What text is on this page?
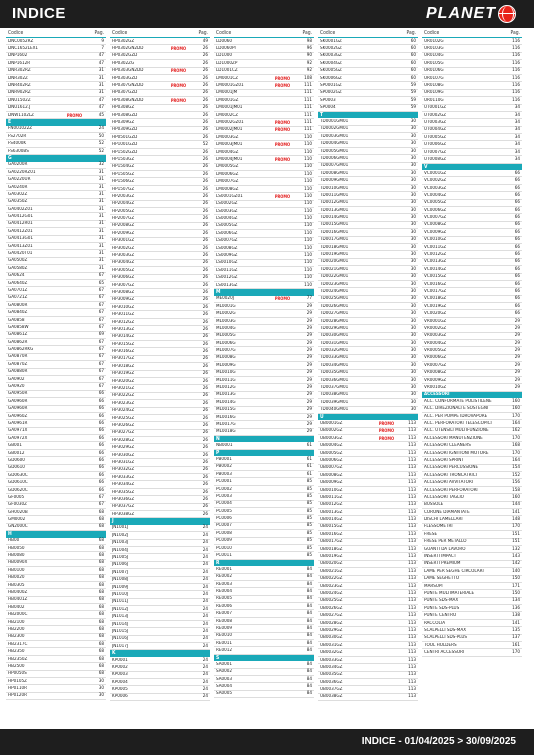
INDICE	PLANET
Codice	Pag.
DNC0052RZ	9
DNC1652LEX1	7
DNP1602	47
DNP1612R	47
DNR302RZ	31
DNR302Z	31
DNR402RZ	31
DNR902RZ	31
DNU1502Z	47
DNU1612.J	47
DNW1102LZ	PROMO	45
E
FN001022Z	24
FS2702R	50
FS4000K	52
FS6300BS	52
G
GA0200R	32
GA0220RZ01	31
GA0220UR	31
GA0240R	31
GA0302Z	31
GA0350Z	31
GA0402Z01	31
GA0412G01	31
GA0412R01	31
GA0412Z01	31
GA0413G01	31
GA0413Z01	31
GA0420T01	31
GA0500Z	31
GA0580Z	31
GA0624	67
GA0640Z	65
GA0701Z	67
GA0721Z	67
GA0800R	67
GA0840Z	67
GA0858	67
GA0858W	67
GA0861Z	69
GA0862R	67
GA0862RKG	67
GA0870R	67
GA0870Z	67
GA0880R	67
GA0902	67
GA0920	67
GA0950R	66
GA0960R	66
GA0960R	66
GA0960Z	66
GA0961R	66
GA0971X	66
GA0972X	66
GB001	66
GB0012	66
GD0600	66
GD0610	66
GD0630C	66
GD0610C	66
GD0620C	66
GF0005	67
GF0030Z	67
GH0020B	68
GM0002	68
GN2000C	68
H
HB00	68
HB0050	68
HB0080	68
HB0090X	68
HB0100	68
HB0020	68
HB0305	68
HB0400Z	68
HB0401Z	68
HB0402	68
HB2000C	68
HB2100	68
HB2200	68
HB2300	68
HB2317C	68
HB2350	68
HB2350Z	68
HB2500	68
HP0050S	68
HP0105Z	30
HP0110R	30
HP0120R	30
Codice	Pag.
HP0302GZ	49
HP0302GN2DD	PROMO	26
HP0302GZD	26
HP0302ZG	26
HP0303GN2DD	PROMO	26
HP0303GZD	26
HP0307GN2DD	PROMO	26
HP0307GZD	26
HP0308GN2DD	PROMO	26
HP0308GZ	26
HP0308GZD	26
HP0309GZ	26
HP0309GZD	26
HP0501GZD	26
HP1001GZD	52
HP1502GZD	26
HP1503GZ	26
HP1504GZ	26
HP1505GZ	26
HP1506GZ	26
HP1507GZ	26
HP2003GZ	26
HP2004GZ	26
HP2005GZ	26
HP2007GZ	26
HP2008GZ	26
HP2009GZ	26
HP3001GZ	26
HP3002GZ	26
HP3003GZ	26
HP3004GZ	26
HP3005GZ	26
HP3006GZ	26
HP3007GZ	26
HP3008GZ	26
HP3009GZ	26
HP3010GZ	26
HP3011GZ	26
HP3012GZ	26
HP3013GZ	26
HP3014GZ	26
HP3015GZ	26
HP3016GZ	26
HP3017GZ	26
HP3018GZ	26
HP3019GZ	26
HP3020GZ	26
HP3021GZ	26
HP3022GZ	26
HP3023GZ	26
HP3024GZ	26
HP3025GZ	26
HP3026GZ	26
HP3027GZ	26
HP3028GZ	26
HP3029GZ	26
HP3030GZ	26
HP3031GZ	26
HP3032GZ	26
HP3033GZ	26
HP3034GZ	26
HP3035GZ	26
HP3036GZ	26
HP3037GZ	26
HP3038GZ	26
J
JN1001J	24
JN1002J	24
JN1003J	24
JN1004J	24
JN1005J	24
JN1006J	24
JN1007J	24
JN1008J	24
JN1009J	24
JN1010J	24
JN1011J	24
JN1012J	24
JN1013J	24
JN1014J	24
JN1015J	24
JN1016J	24
JN1017J	24
K
KP0001	24
KP0002	24
KP0003	24
KP0004	24
KP0005	24
KP0006	24
Codice	Pag.
LD0060	98
LD0060PI	96
LD1000	90
LD1000ZP	92
LD1001CZ	92
LM0001CZ	PROMO	108
LM0001GZ01	PROMO	111
LM0001JM	111
LM0001GZ	111
LM0001JM01	111
LM0002CZ	111
LM0002GZ01	PROMO	111
LM0002JM01	PROMO	111
LM0003GZ	110
LM0003JM01	PROMO	110
LM0004GZ	110
LM0004JM01	PROMO	110
LM0005GZ	110
LM0006GZ	110
LM0007GZ	110
LM0008GZ	110
LS0001GZ01	PROMO	110
LS0002GZ	110
LS0003GZ	110
LS0004GZ	110
LS0005GZ	110
LS0006GZ	110
LS0007GZ	110
LS0008GZ	110
LS0009GZ	110
LS0010GZ	110
LS0011GZ	110
LS0012GZ	110
LS0013GZ	110
M
ME0020J	PROMO	77
ML0001G	29
ML0002G	29
ML0003G	29
ML0004G	29
ML0005G	29
ML0006G	29
ML0007G	29
ML0008G	29
ML0009G	29
ML0010G	29
ML0011G	29
ML0012G	29
ML0013G	29
ML0014G	29
ML0015G	29
ML0016G	29
ML0017G	29
ML0018G	29
N
NB0001	61
P
PB0001	61
PB0002	61
PB0003	61
PC0001	85
PC0002	85
PC0003	85
PC0004	85
PC0005	85
PC0006	85
PC0007	85
PC0008	85
PC0009	85
PC0010	85
PC0011	85
R
RE0001	84
RE0002	84
RE0003	84
RE0004	84
RE0005	84
RE0006	84
RE0007	84
RE0008	84
RE0009	84
RE0010	84
RE0011	84
RE0012	84
S
SA0001	84
SA0002	84
SA0003	84
SA0004	84
SA0005	84
Codice	Pag.
SK0001GZ	60
SK0002GZ	60
SK0003GZ	60
SK0004GZ	60
SK0005GZ	60
SK0006GZ	60
SP0001GZ	59
SP0002GZ	59
SP0003	59
SP0004	59
T
TD0001GM01	30
TD0002GM01	30
TD0003GM01	30
TD0004GM01	30
TD0005GM01	30
TD0006GM01	30
TD0007GM01	30
TD0008GM01	30
TD0009GM01	30
TD0010GM01	30
TD0011GM01	30
TD0012GM01	30
TD0013GM01	30
TD0014GM01	30
TD0015GM01	30
TD0016GM01	30
TD0017GM01	30
TD0018GM01	30
TD0019GM01	30
TD0020GM01	30
TD0021GM01	30
TD0022GM01	30
TD0023GM01	30
TD0024GM01	30
TD0025GM01	30
TD0026GM01	30
TD0027GM01	30
TD0028GM01	30
TD0029GM01	30
TD0030GM01	30
TD0031GM01	30
TD0032GM01	30
TD0033GM01	30
TD0034GM01	30
TD0035GM01	30
TD0036GM01	30
TD0037GM01	30
TD0038GM01	30
TD0039GM01	30
TD0040GM01	30
U
UB0001GZ	PROMO	113
UB0002GZ	PROMO	113
UB0003GZ	PROMO	113
UB0004GZ	113
UB0005GZ	113
UB0006GZ	113
UB0007GZ	113
UB0008GZ	113
UB0009GZ	113
UB0010GZ	113
UB0011GZ	113
UB0012GZ	113
UB0013GZ	113
UB0014GZ	113
UB0015GZ	113
UB0016GZ	113
UB0017GZ	113
UB0018GZ	113
UB0019GZ	113
UB0020GZ	113
UB0021GZ	113
UB0022GZ	113
UB0023GZ	113
UB0024GZ	113
UB0025GZ	113
UB0026GZ	113
UB0027GZ	113
UB0028GZ	113
UB0029GZ	113
UB0030GZ	113
UB0031GZ	113
UB0032GZ	113
UB0033GZ	113
UB0034GZ	113
UB0035GZ	113
UB0036GZ	113
UB0037GZ	113
UB0038GZ	113
Codice	Pag.
UR0102G	116
UR0103G	116
UR0104G	116
UR0105G	116
UR0106G	116
UR0107G	116
UR0108G	116
UR0109G	116
UR0110G	116
UT0001GZ	34
UT0002GZ	34
UT0003GZ	34
UT0004GZ	34
UT0005GZ	34
UT0006GZ	34
UT0007GZ	34
UT0008GZ	34
V
VC0001GZ	66
VC0002GZ	66
VC0003GZ	66
VC0004GZ	66
VC0005GZ	66
VC0006GZ	66
VC0007GZ	66
VC0008GZ	66
VC0009GZ	66
VC0010GZ	66
VC0011GZ	66
VC0012GZ	66
VC0013GZ	66
VC0014GZ	66
VC0015GZ	66
VC0016GZ	66
VC0017GZ	66
VC0018GZ	66
VC0019GZ	66
VC0020GZ	66
VR0001GZ	29
VR0002GZ	29
VR0003GZ	29
VR0004GZ	29
VR0005GZ	29
VR0006GZ	29
VR0007GZ	29
VR0008GZ	29
VR0009GZ	29
VR0010GZ	29
ACCESSORI
ACC. CONFORMATE POLISTILENE	160
ACC. DIREZIONALI E SOSTEGNI	160
ACC. PER POMPE IDROVAPORE	170
ACC. PERFORATORI TELESCOPICI	164
ACC. UTENSILI MULTIFUNZIONE	162
ACCESSORI MANUTENZIONE	170
ACCESSORI CLEANERS	168
ACCESSORI IGNITIONI MOTORE	170
ACCESSORI SPRINT	164
ACCESSORI PERCUSSIONE	154
ACCESSORI TRONCATRICI	152
ACCESSORI AVVITATORI	156
ACCESSORI PERFORATORI	158
ACCESSORI TAGLIO	160
BUSSOLE	144
CORONE DIAMANTATE	141
DISCHI LAMELLARI	148
FLESSOMETRI	170
FRESE	151
FRESE PER METALLO	151
GUANTI DA LAVORO	132
INSERTI IMPACT	143
INSERTI PREMIUM	142
LAME PER SEGHE CIRCOLARI	140
LAME SEGHETTO	150
MARSUPI	171
PUNTE MULTIMATERIALE	150
PUNTE SDS-MAX	134
PUNTE SDS-PLUS	136
PUNTE CENTRO	138
RACCOLTA	141
SCALPELLI SDS-MAX	135
SCALPELLI SDS-PLUS	137
TOOL HOLDERS	161
CENTRI ACCESSORI	170
INDICE - 01/04/2025 > 30/09/2025
